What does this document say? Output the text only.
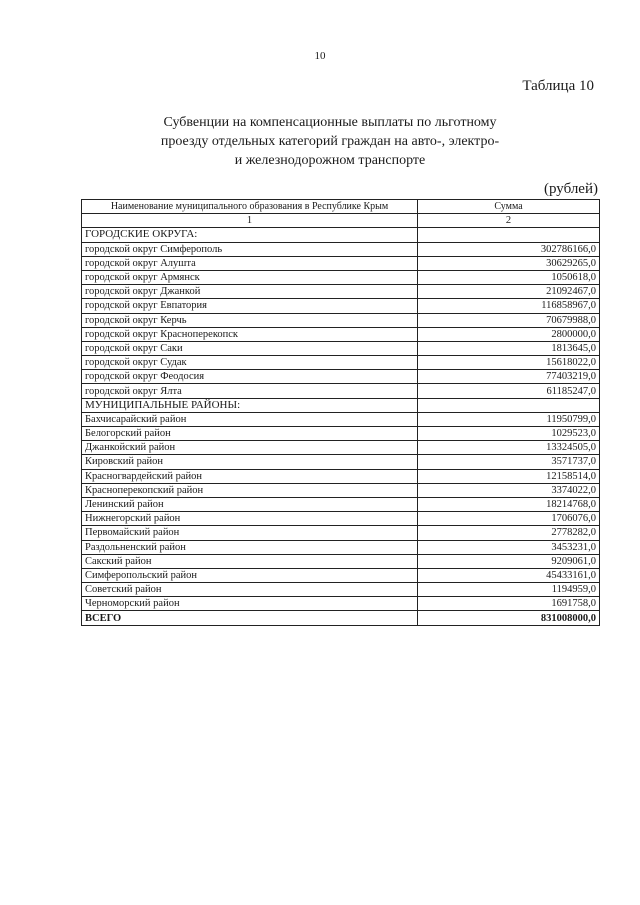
10
Таблица 10
Субвенции на компенсационные выплаты по льготному
проезду отдельных категорий граждан на авто-, электро-
и железнодорожном транспорте
(рублей)
Наименование муниципального образования в Республике Крым	Сумма
1	2
ГОРОДСКИЕ ОКРУГА:	
городской округ Симферополь	302786166,0
городской округ Алушта	30629265,0
городской округ Армянск	1050618,0
городской округ Джанкой	21092467,0
городской округ Евпатория	116858967,0
городской округ Керчь	70679988,0
городской округ Красноперекопск	2800000,0
городской округ Саки	1813645,0
городской округ Судак	15618022,0
городской округ Феодосия	77403219,0
городской округ Ялта	61185247,0
МУНИЦИПАЛЬНЫЕ РАЙОНЫ:	
Бахчисарайский район	11950799,0
Белогорский район	1029523,0
Джанкойский район	13324505,0
Кировский район	3571737,0
Красногвардейский район	12158514,0
Красноперекопский район	3374022,0
Ленинский район	18214768,0
Нижнегорский район	1706076,0
Первомайский район	2778282,0
Раздольненский район	3453231,0
Сакский район	9209061,0
Симферопольский район	45433161,0
Советский район	1194959,0
Черноморский район	1691758,0
ВСЕГО	831008000,0
